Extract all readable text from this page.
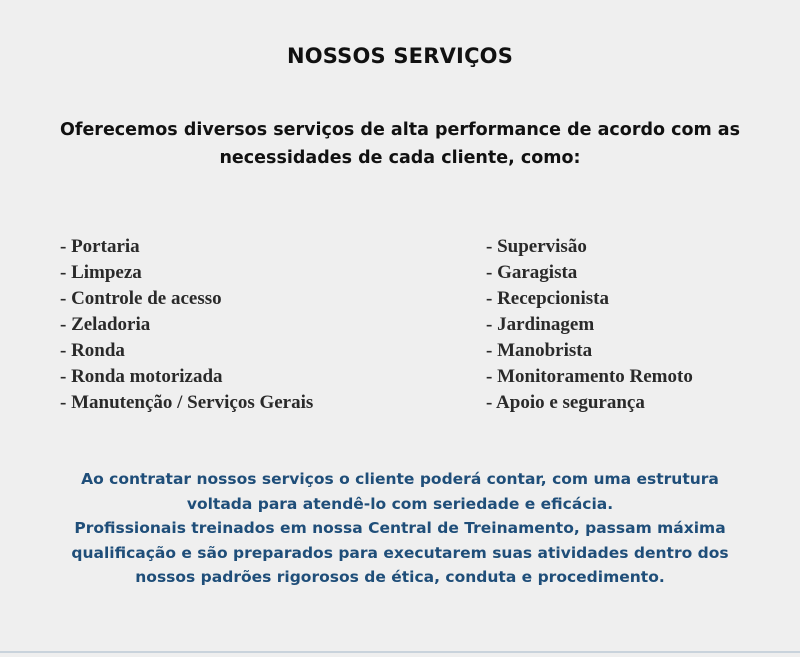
NOSSOS SERVIÇOS
Oferecemos diversos serviços de alta performance de acordo com as
necessidades de cada cliente, como:
- Portaria
- Limpeza
- Controle de acesso
- Zeladoria
- Ronda
- Ronda motorizada
- Manutenção / Serviços Gerais
- Supervisão
- Garagista
- Recepcionista
- Jardinagem
- Manobrista
- Monitoramento Remoto
- Apoio e segurança
Ao contratar nossos serviços o cliente poderá contar, com uma estrutura
voltada para atendê-lo com seriedade e eficácia.
Profissionais treinados em nossa Central de Treinamento, passam máxima
qualificação e são preparados para executarem suas atividades dentro dos
nossos padrões rigorosos de ética, conduta e procedimento.
